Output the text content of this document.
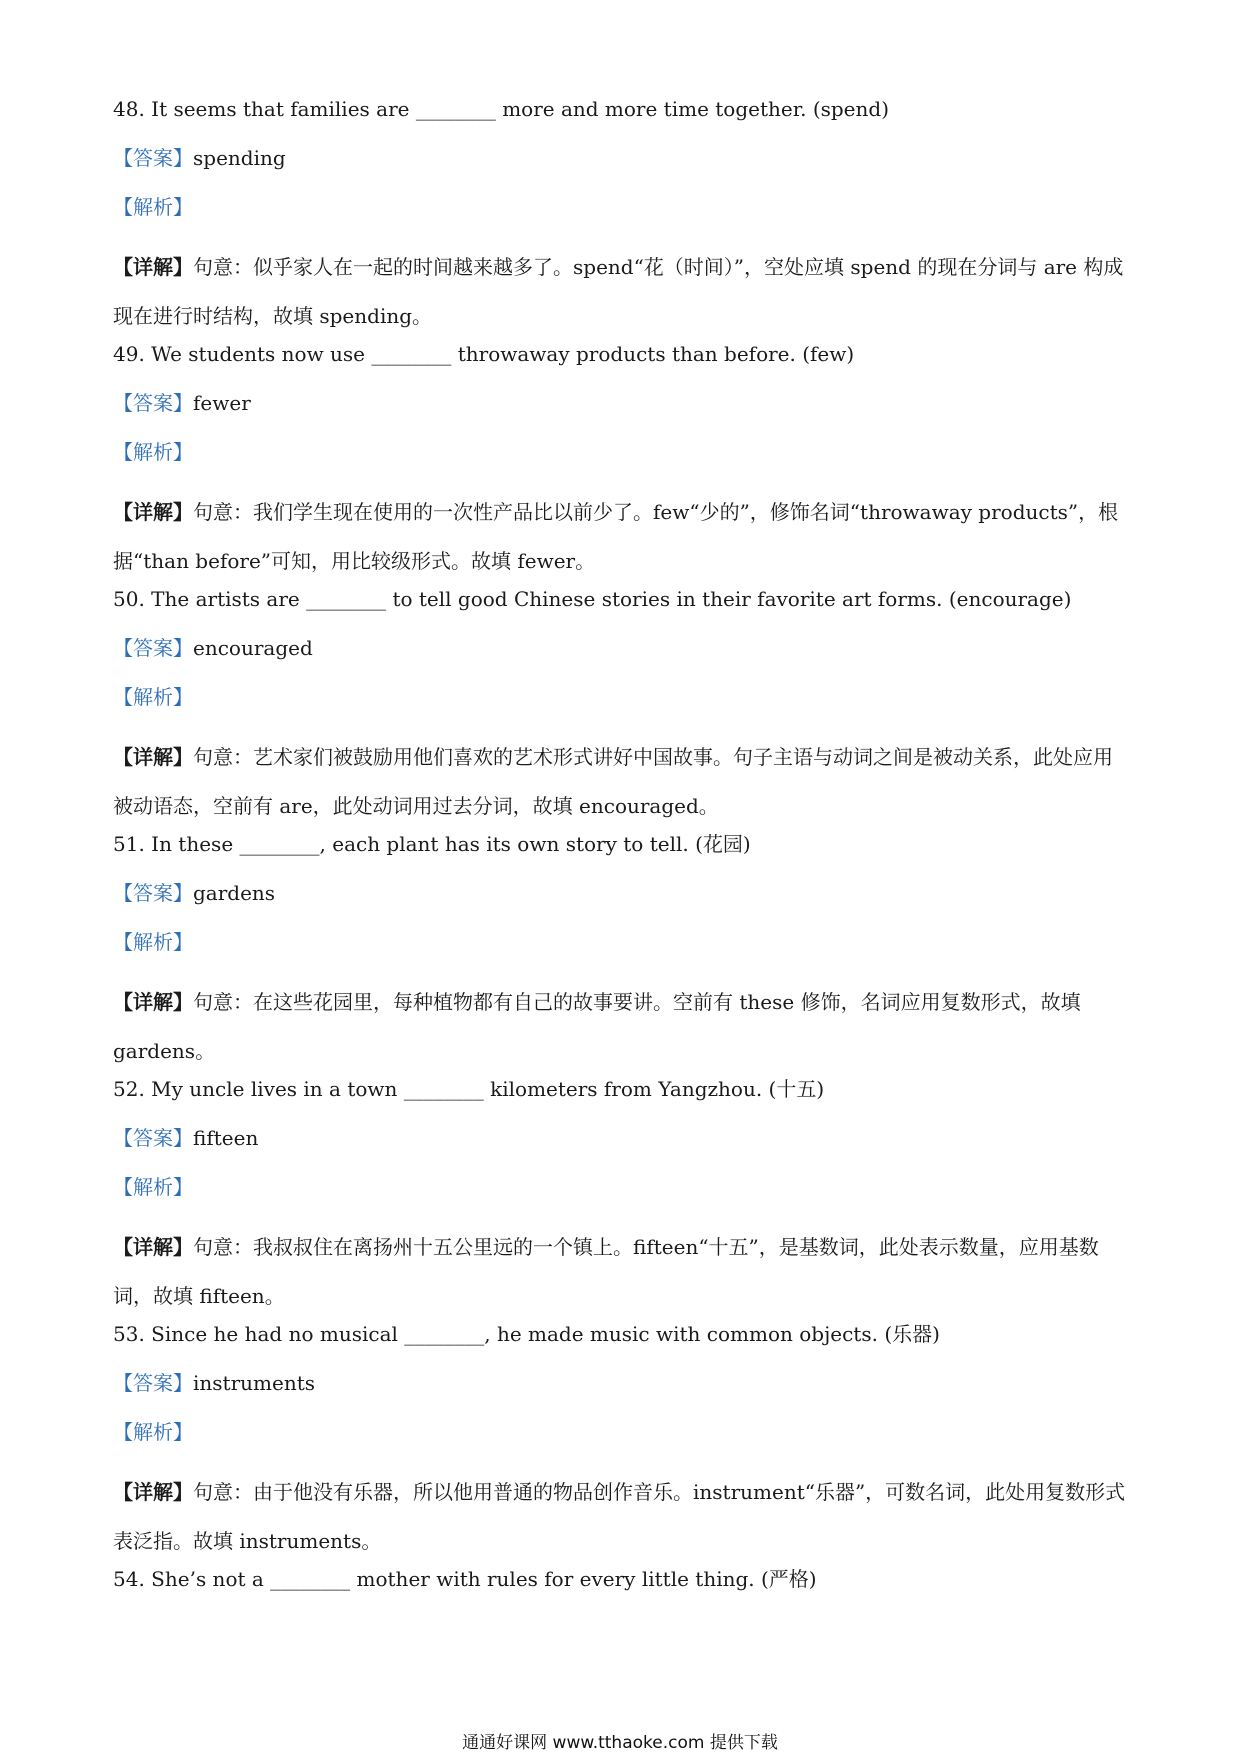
48. It seems that families are ________ more and more time together. (spend)
【答案】spending
【解析】
【详解】句意：似乎家人在一起的时间越来越多了。spend“花（时间）”，空处应填 spend 的现在分词与 are 构成现在进行时结构，故填 spending。
49. We students now use ________ throwaway products than before. (few)
【答案】fewer
【解析】
【详解】句意：我们学生现在使用的一次性产品比以前少了。few“少的”，修饰名词“throwaway products”，根据“than before”可知，用比较级形式。故填 fewer。
50. The artists are ________ to tell good Chinese stories in their favorite art forms. (encourage)
【答案】encouraged
【解析】
【详解】句意：艺术家们被鼓励用他们喜欢的艺术形式讲好中国故事。句子主语与动词之间是被动关系，此处应用被动语态，空前有 are，此处动词用过去分词，故填 encouraged。
51. In these ________, each plant has its own story to tell. (花园)
【答案】gardens
【解析】
【详解】句意：在这些花园里，每种植物都有自己的故事要讲。空前有 these 修饰，名词应用复数形式，故填 gardens。
52. My uncle lives in a town ________ kilometers from Yangzhou. (十五)
【答案】fifteen
【解析】
【详解】句意：我叔叔住在离扬州十五公里远的一个镇上。fifteen“十五”，是基数词，此处表示数量，应用基数词，故填 fifteen。
53. Since he had no musical ________, he made music with common objects. (乐器)
【答案】instruments
【解析】
【详解】句意：由于他没有乐器，所以他用普通的物品创作音乐。instrument“乐器”，可数名词，此处用复数形式表泛指。故填 instruments。
54. She’s not a ________ mother with rules for every little thing. (严格)
通通好课网 www.tthaoke.com 提供下载
